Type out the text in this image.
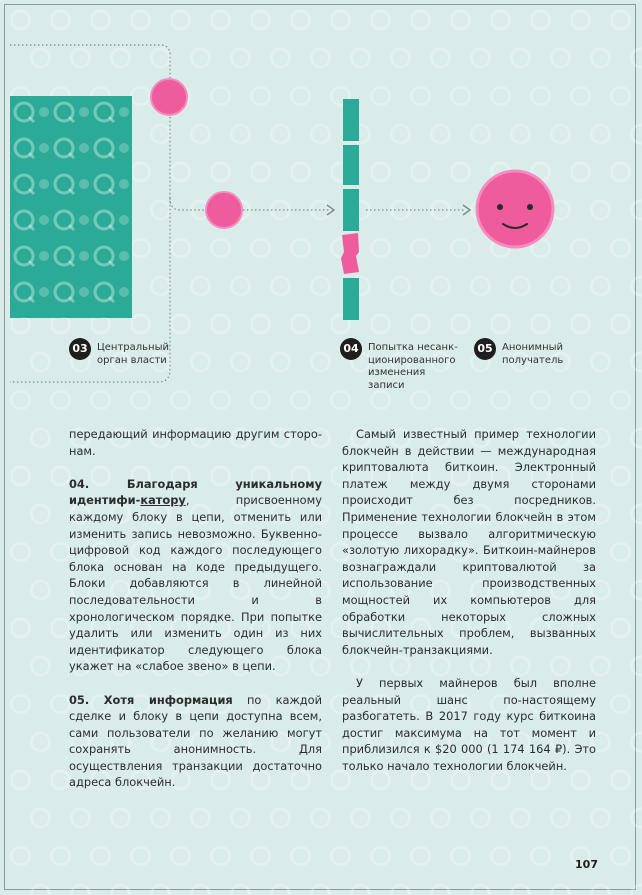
03 Центральный
орган власти
04 Попытка несанк-
ционированного
изменения
записи
05 Анонимный
получатель

передающий информацию другим сторо-нам.

04. Благодаря уникальному идентифи-катору, присвоенному каждому блоку в цепи, отменить или изменить запись невозможно. Буквенно-цифровой код каждого последующего блока основан на коде предыдущего. Блоки добавляются в линейной последовательности и в хронологическом порядке. При попытке удалить или изменить один из них идентификатор следующего блока укажет на «слабое звено» в цепи.

05. Хотя информация по каждой сделке и блоку в цепи доступна всем, сами пользователи по желанию могут сохранять анонимность. Для осуществления транзакции достаточно адреса блокчейн.

Самый известный пример технологии блокчейн в действии — международная криптовалюта биткоин. Электронный платеж между двумя сторонами происходит без посредников. Применение технологии блокчейн в этом процессе вызвало алгоритмическую «золотую лихорадку». Биткоин-майнеров вознаграждали криптовалютой за использование производственных мощностей их компьютеров для обработки некоторых сложных вычислительных проблем, вызванных блокчейн-транзакциями.

У первых майнеров был вполне реальный шанс по-настоящему разбогатеть. В 2017 году курс биткоина достиг максимума на тот момент и приблизился к $20 000 (1 174 164 ₽). Это только начало технологии блокчейн.

107
